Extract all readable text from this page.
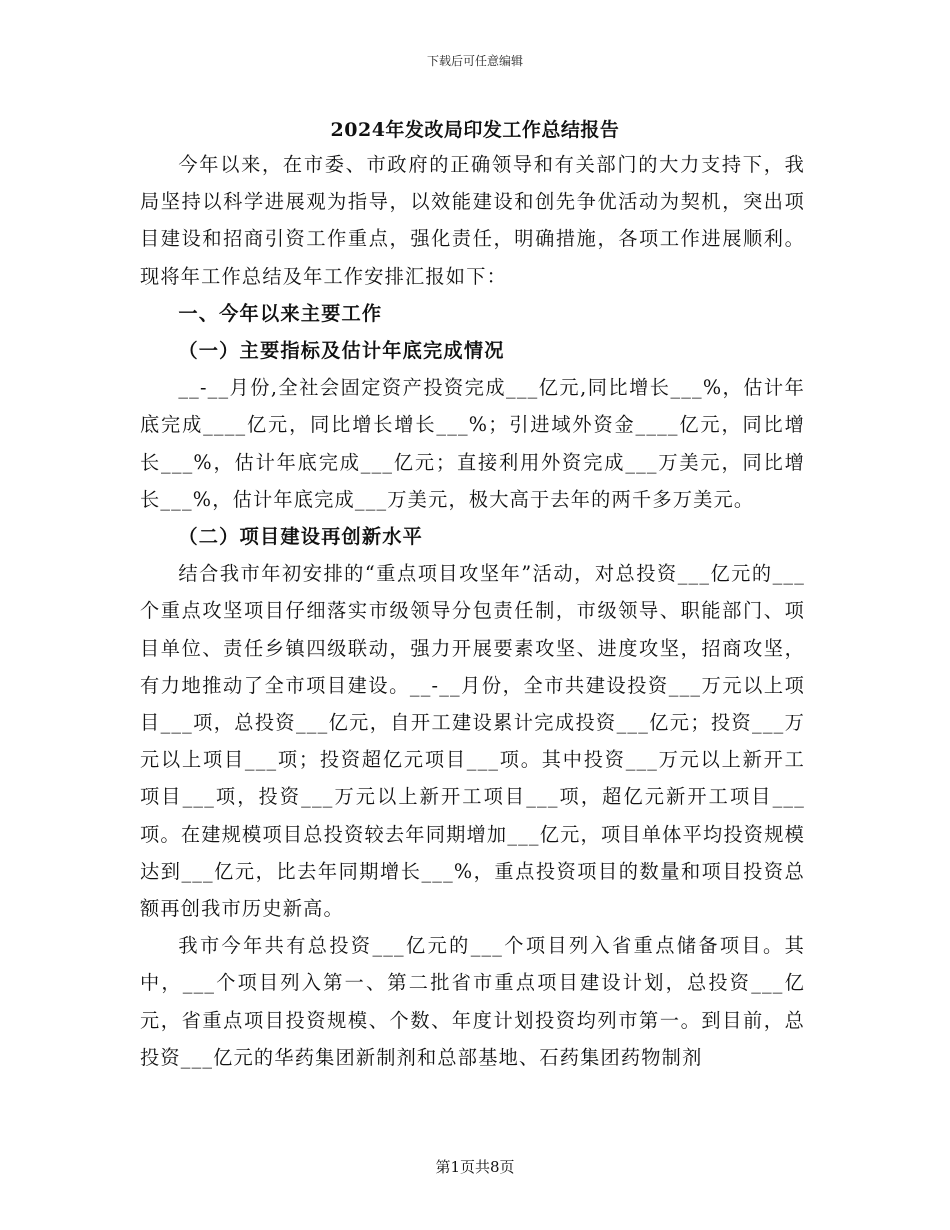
下载后可任意编辑
2024年发改局印发工作总结报告

今年以来，在市委、市政府的正确领导和有关部门的大力支持下，我局坚持以科学进展观为指导，以效能建设和创先争优活动为契机，突出项目建设和招商引资工作重点，强化责任，明确措施，各项工作进展顺利。现将年工作总结及年工作安排汇报如下：

一、今年以来主要工作
（一）主要指标及估计年底完成情况

__-__月份,全社会固定资产投资完成___亿元,同比增长___%，估计年底完成____亿元，同比增长增长___%；引进域外资金____亿元，同比增长___%，估计年底完成___亿元；直接利用外资完成___万美元，同比增长___%，估计年底完成___万美元，极大高于去年的两千多万美元。

（二）项目建设再创新水平

结合我市年初安排的“重点项目攻坚年”活动，对总投资___亿元的___个重点攻坚项目仔细落实市级领导分包责任制，市级领导、职能部门、项目单位、责任乡镇四级联动，强力开展要素攻坚、进度攻坚，招商攻坚，有力地推动了全市项目建设。__-__月份，全市共建设投资___万元以上项目___项，总投资___亿元，自开工建设累计完成投资___亿元；投资___万元以上项目___项；投资超亿元项目___项。其中投资___万元以上新开工项目___项，投资___万元以上新开工项目___项，超亿元新开工项目___项。在建规模项目总投资较去年同期增加___亿元，项目单体平均投资规模达到___亿元，比去年同期增长___%，重点投资项目的数量和项目投资总额再创我市历史新高。

我市今年共有总投资___亿元的___个项目列入省重点储备项目。其中，___个项目列入第一、第二批省市重点项目建设计划，总投资___亿元，省重点项目投资规模、个数、年度计划投资均列市第一。到目前，总投资___亿元的华药集团新制剂和总部基地、石药集团药物制剂

第1页共8页
